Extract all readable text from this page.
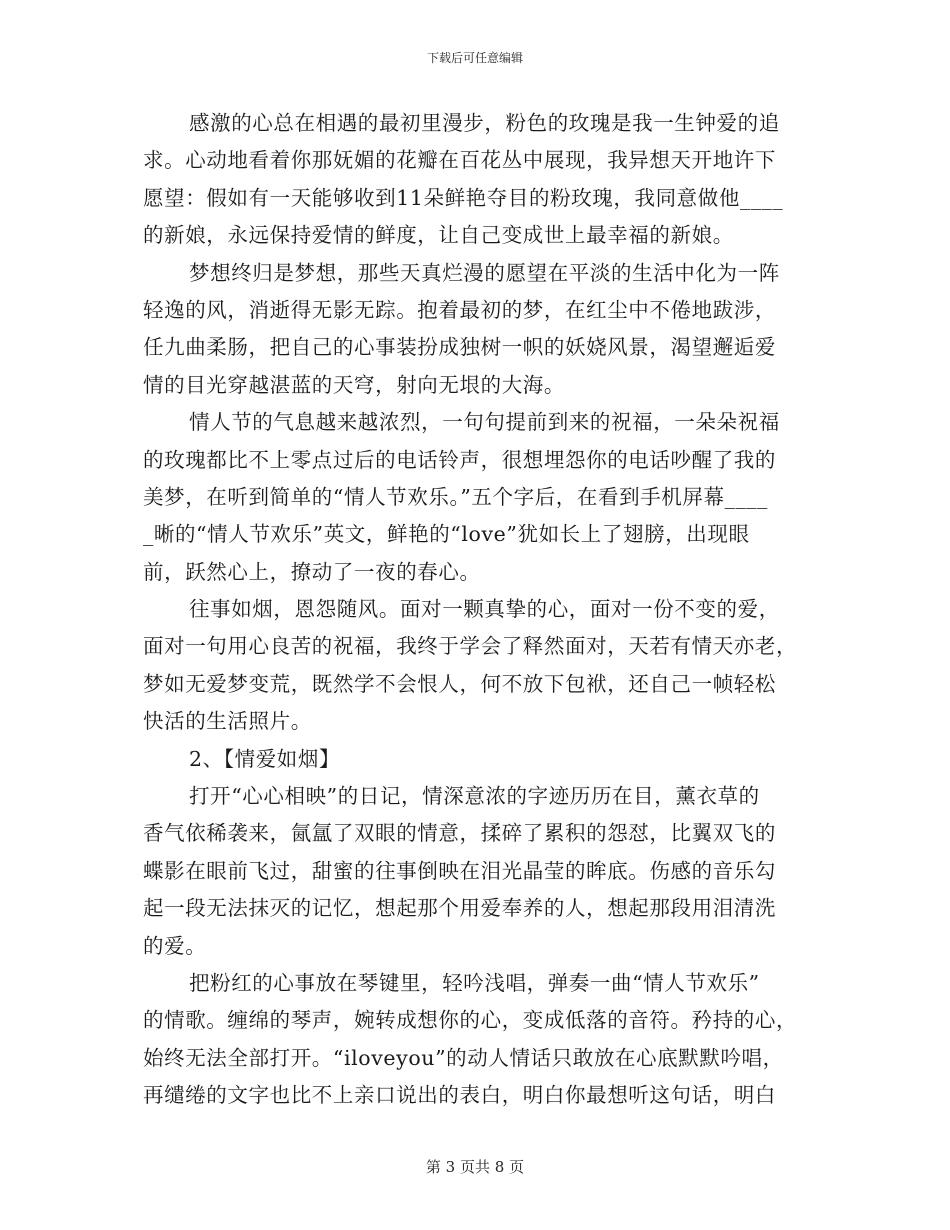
下载后可任意编辑
感激的心总在相遇的最初里漫步，粉色的玫瑰是我一生钟爱的追
求。心动地看着你那妩媚的花瓣在百花丛中展现，我异想天开地许下
愿望：假如有一天能够收到11朵鲜艳夺目的粉玫瑰，我同意做他____
的新娘，永远保持爱情的鲜度，让自己变成世上最幸福的新娘。
梦想终归是梦想，那些天真烂漫的愿望在平淡的生活中化为一阵
轻逸的风，消逝得无影无踪。抱着最初的梦，在红尘中不倦地跋涉，
任九曲柔肠，把自己的心事装扮成独树一帜的妖娆风景，渴望邂逅爱
情的目光穿越湛蓝的天穹，射向无垠的大海。
情人节的气息越来越浓烈，一句句提前到来的祝福，一朵朵祝福
的玫瑰都比不上零点过后的电话铃声，很想埋怨你的电话吵醒了我的
美梦，在听到简单的“情人节欢乐。”五个字后，在看到手机屏幕____
_晰的“情人节欢乐”英文，鲜艳的“love”犹如长上了翅膀，出现眼
前，跃然心上，撩动了一夜的春心。
往事如烟，恩怨随风。面对一颗真挚的心，面对一份不变的爱，
面对一句用心良苦的祝福，我终于学会了释然面对，天若有情天亦老，
梦如无爱梦变荒，既然学不会恨人，何不放下包袱，还自己一帧轻松
快活的生活照片。
2、【情爱如烟】
打开“心心相映”的日记，情深意浓的字迹历历在目，薰衣草的
香气依稀袭来，氤氲了双眼的情意，揉碎了累积的怨怼，比翼双飞的
蝶影在眼前飞过，甜蜜的往事倒映在泪光晶莹的眸底。伤感的音乐勾
起一段无法抹灭的记忆，想起那个用爱奉养的人，想起那段用泪清洗
的爱。
把粉红的心事放在琴键里，轻吟浅唱，弹奏一曲“情人节欢乐”
的情歌。缠绵的琴声，婉转成想你的心，变成低落的音符。矜持的心，
始终无法全部打开。“iloveyou”的动人情话只敢放在心底默默吟唱，
再缱绻的文字也比不上亲口说出的表白，明白你最想听这句话，明白
第 3 页共 8 页
